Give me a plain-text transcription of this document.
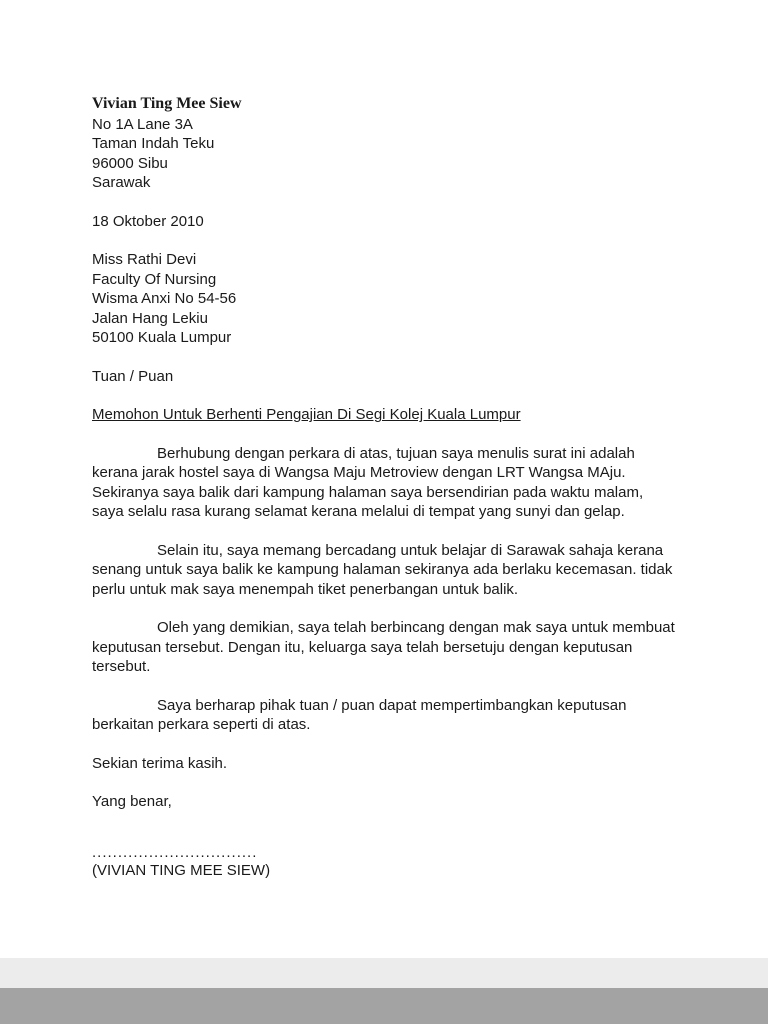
Vivian Ting Mee Siew
No 1A Lane 3A
Taman Indah Teku
96000 Sibu
Sarawak

18 Oktober 2010

Miss Rathi Devi
Faculty Of Nursing
Wisma Anxi No 54-56
Jalan Hang Lekiu
50100 Kuala Lumpur

Tuan / Puan

Memohon Untuk Berhenti Pengajian Di Segi Kolej Kuala Lumpur

Berhubung dengan perkara di atas, tujuan saya menulis surat ini adalah kerana jarak hostel saya di Wangsa Maju Metroview dengan LRT Wangsa MAju. Sekiranya saya balik dari kampung halaman saya bersendirian pada waktu malam, saya selalu rasa kurang selamat kerana melalui di tempat yang sunyi dan gelap.

Selain itu, saya memang bercadang untuk belajar di Sarawak sahaja kerana senang untuk saya balik ke kampung halaman sekiranya ada berlaku kecemasan. tidak perlu untuk mak saya menempah tiket penerbangan untuk balik.

Oleh yang demikian, saya telah berbincang dengan mak saya untuk membuat keputusan tersebut. Dengan itu, keluarga saya telah bersetuju dengan keputusan tersebut.

Saya berharap pihak tuan / puan dapat mempertimbangkan keputusan berkaitan perkara seperti di atas.

Sekian terima kasih.

Yang benar,

................................

(VIVIAN TING MEE SIEW)
